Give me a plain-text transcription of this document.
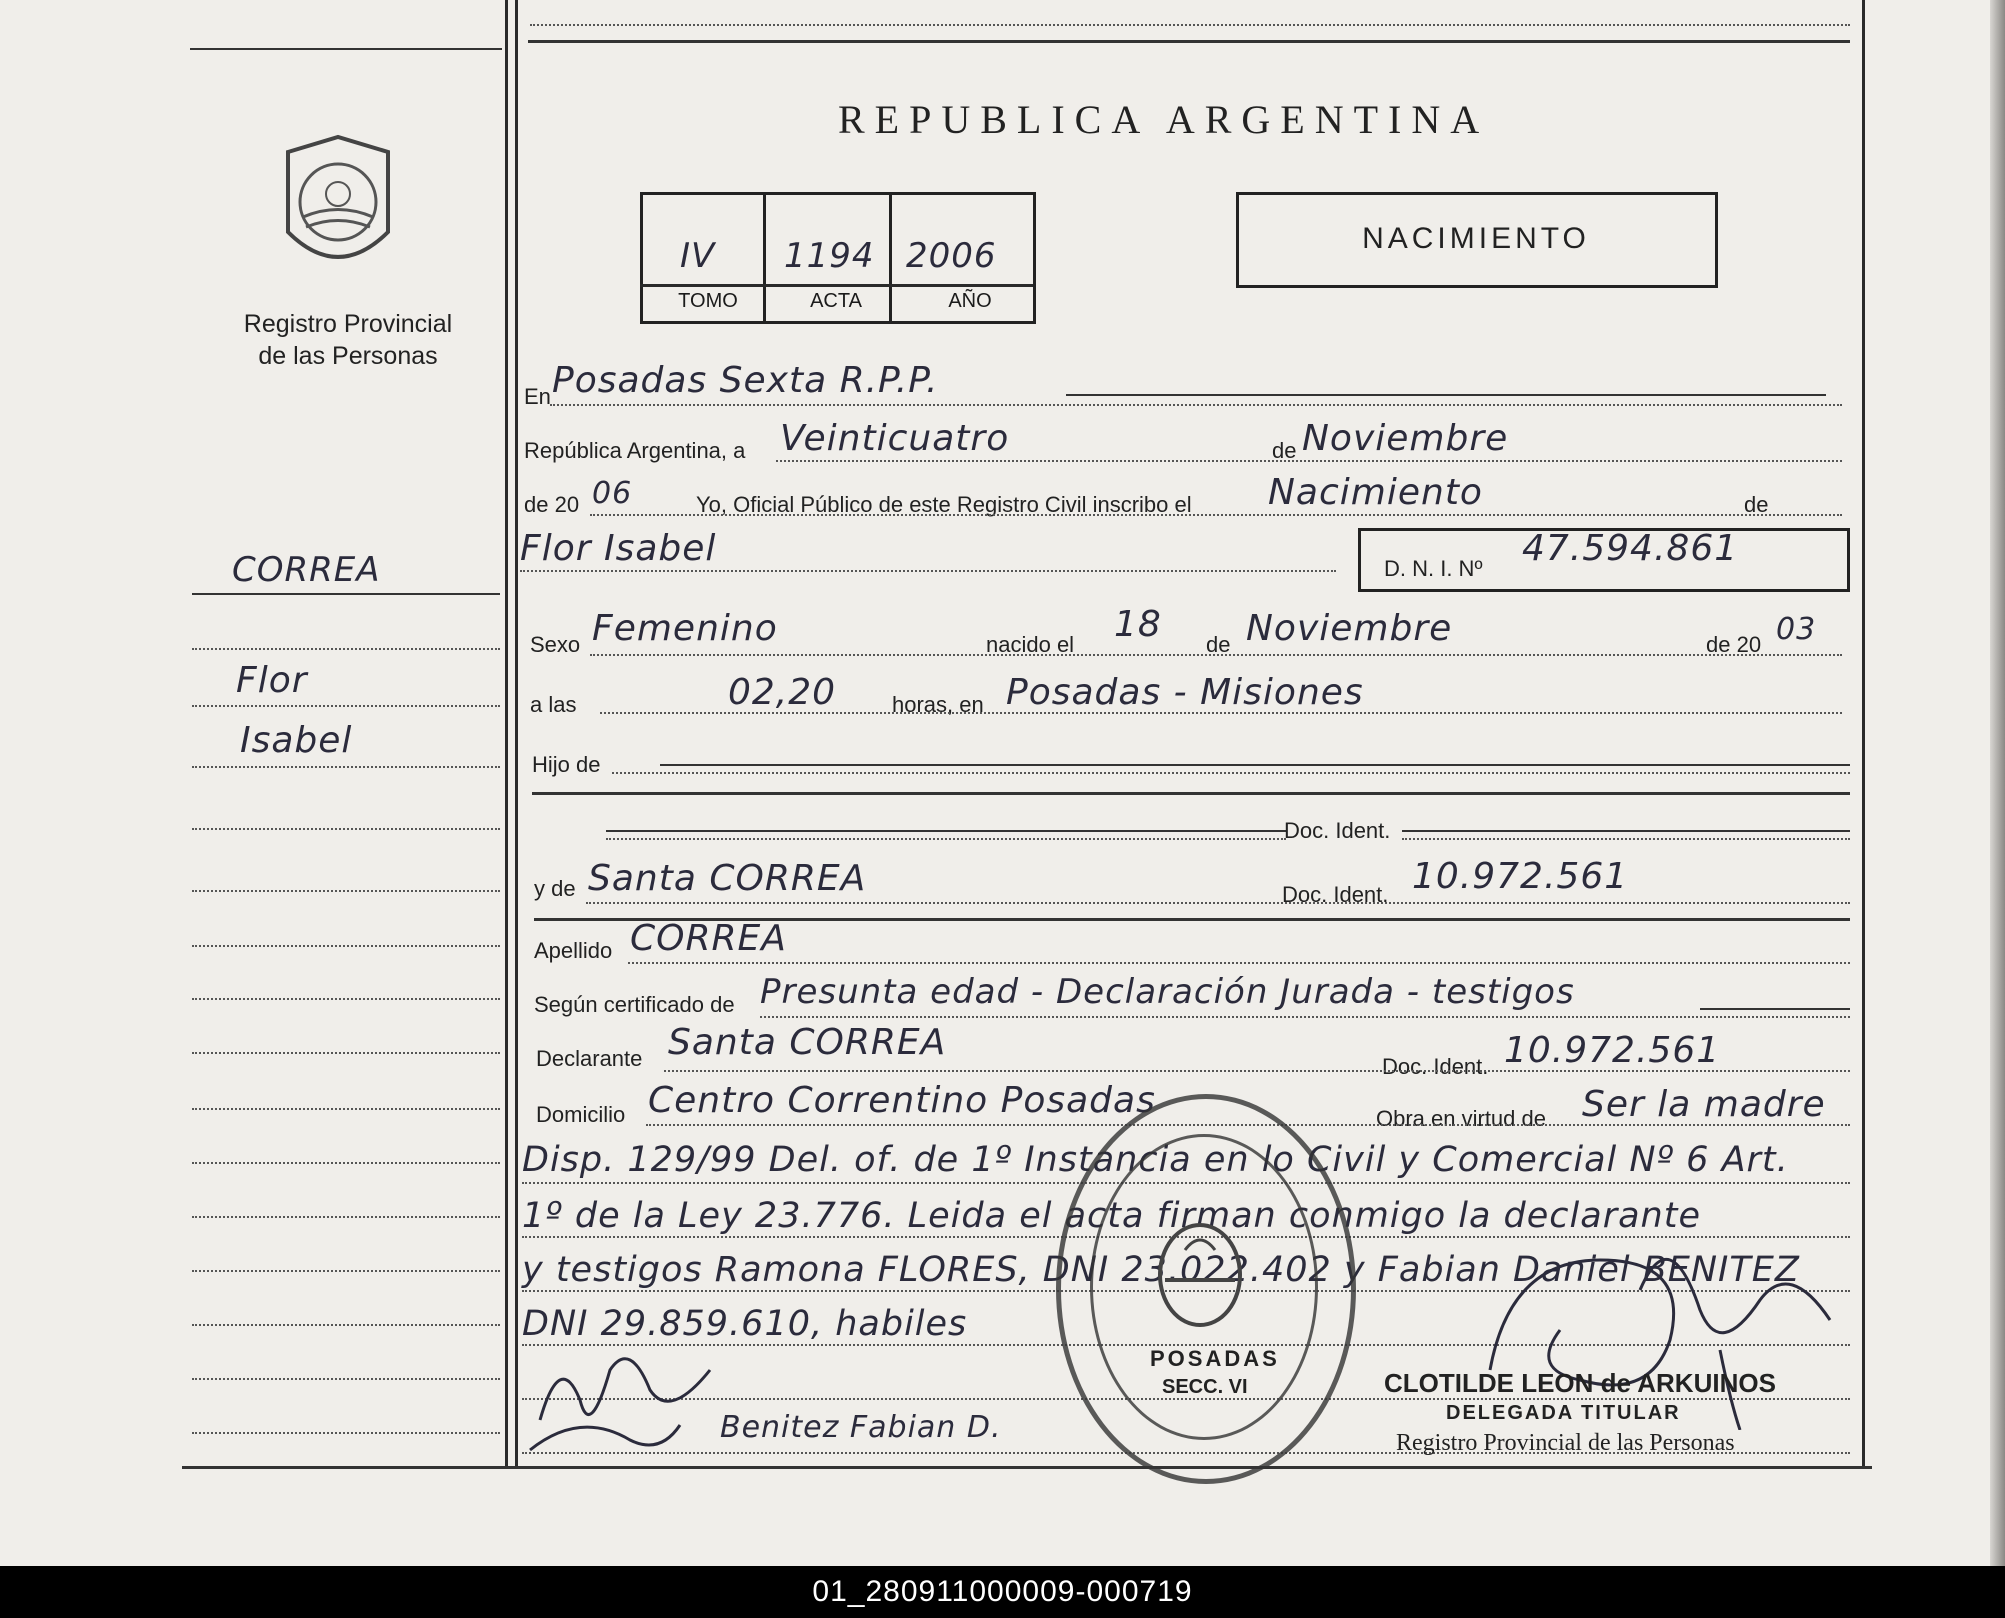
Registro Provincial
de las Personas
CORREA
Flor
Isabel
REPUBLICA ARGENTINA
IV 1194 2006
TOMO	ACTA	AÑO
NACIMIENTO
En Posadas Sexta R.P.P.
República Argentina, a Veinticuatro	de Noviembre
de 20 06	Yo, Oficial Público de este Registro Civil inscribo el Nacimiento	de
Flor Isabel	D. N. I. Nº 47.594.861
Sexo Femenino	nacido el 18 de Noviembre	de 20 03
a las	02,20	horas, en Posadas - Misiones
Hijo de
Doc. Ident.
y de Santa CORREA	Doc. Ident. 10.972.561
Apellido CORREA
Según certificado de Presunta edad - Declaración Jurada - testigos
Declarante Santa CORREA
Doc. Ident. 10.972.561
Domicilio Centro Correntino Posadas	Obra en virtud de Ser la madre
Disp. 129/99 Del. of. de 1º Instancia en lo Civil y Comercial Nº 6 Art.
1º de la Ley 23.776. Leida el acta firman conmigo la declarante
y testigos Ramona FLORES, DNI 23.022.402 y Fabian Daniel BENITEZ
DNI 29.859.610, habiles
Benitez Fabian D.
POSADAS
SECC. VI	CLOTILDE LEON de ARKUINOS
DELEGADA TITULAR
Registro Provincial de las Personas
01_280911000009-000719
